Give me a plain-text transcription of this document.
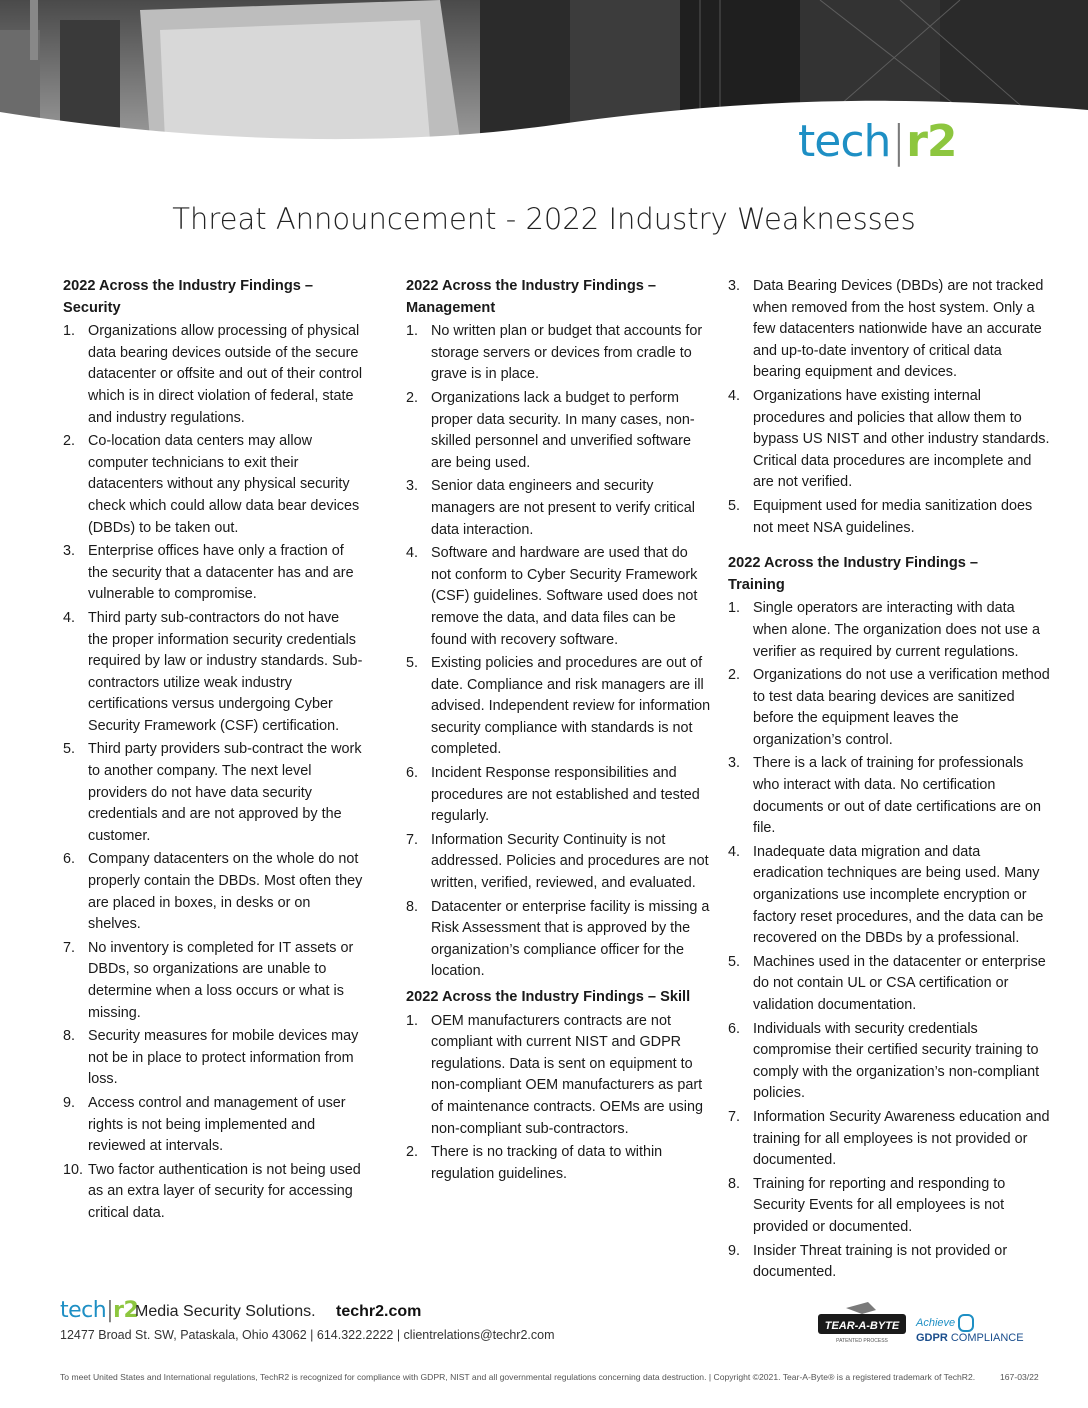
tech|r2
Threat Announcement - 2022 Industry Weaknesses
2022 Across the Industry Findings –
Security
1. Organizations allow processing of physical data bearing devices outside of the secure datacenter or offsite and out of their control which is in direct violation of federal, state and industry regulations.
2. Co-location data centers may allow computer technicians to exit their datacenters without any physical security check which could allow data bear devices (DBDs) to be taken out.
3. Enterprise offices have only a fraction of the security that a datacenter has and are vulnerable to compromise.
4. Third party sub-contractors do not have the proper information security credentials required by law or industry standards. Sub-contractors utilize weak industry certifications versus undergoing Cyber Security Framework (CSF) certification.
5. Third party providers sub-contract the work to another company. The next level providers do not have data security credentials and are not approved by the customer.
6. Company datacenters on the whole do not properly contain the DBDs. Most often they are placed in boxes, in desks or on shelves.
7. No inventory is completed for IT assets or DBDs, so organizations are unable to determine when a loss occurs or what is missing.
8. Security measures for mobile devices may not be in place to protect information from loss.
9. Access control and management of user rights is not being implemented and reviewed at intervals.
10. Two factor authentication is not being used as an extra layer of security for accessing critical data.
2022 Across the Industry Findings –
Management
1. No written plan or budget that accounts for storage servers or devices from cradle to grave is in place.
2. Organizations lack a budget to perform proper data security. In many cases, non-skilled personnel and unverified software are being used.
3. Senior data engineers and security managers are not present to verify critical data interaction.
4. Software and hardware are used that do not conform to Cyber Security Framework (CSF) guidelines. Software used does not remove the data, and data files can be found with recovery software.
5. Existing policies and procedures are out of date. Compliance and risk managers are ill advised. Independent review for information security compliance with standards is not completed.
6. Incident Response responsibilities and procedures are not established and tested regularly.
7. Information Security Continuity is not addressed. Policies and procedures are not written, verified, reviewed, and evaluated.
8. Datacenter or enterprise facility is missing a Risk Assessment that is approved by the organization’s compliance officer for the location.
2022 Across the Industry Findings – Skill
1. OEM manufacturers contracts are not compliant with current NIST and GDPR regulations. Data is sent on equipment to non-compliant OEM manufacturers as part of maintenance contracts. OEMs are using non-compliant sub-contractors.
2. There is no tracking of data to within regulation guidelines.
3. Data Bearing Devices (DBDs) are not tracked when removed from the host system. Only a few datacenters nationwide have an accurate and up-to-date inventory of critical data bearing equipment and devices.
4. Organizations have existing internal procedures and policies that allow them to bypass US NIST and other industry standards. Critical data procedures are incomplete and are not verified.
5. Equipment used for media sanitization does not meet NSA guidelines.
2022 Across the Industry Findings –
Training
1. Single operators are interacting with data when alone. The organization does not use a verifier as required by current regulations.
2. Organizations do not use a verification method to test data bearing devices are sanitized before the equipment leaves the organization’s control.
3. There is a lack of training for professionals who interact with data. No certification documents or out of date certifications are on file.
4. Inadequate data migration and data eradication techniques are being used. Many organizations use incomplete encryption or factory reset procedures, and the data can be recovered on the DBDs by a professional.
5. Machines used in the datacenter or enterprise do not contain UL or CSA certification or validation documentation.
6. Individuals with security credentials compromise their certified security training to comply with the organization’s non-compliant policies.
7. Information Security Awareness education and training for all employees is not provided or documented.
8. Training for reporting and responding to Security Events for all employees is not provided or documented.
9. Insider Threat training is not provided or documented.
tech|r2
Media Security Solutions. techr2.com
12477 Broad St. SW, Pataskala, Ohio 43062 | 614.322.2222 | clientrelations@techr2.com
TEAR-A-BYTE
PATENTED PROCESS
Achieve
GDPR COMPLIANCE
To meet United States and International regulations, TechR2 is recognized for compliance with GDPR, NIST and all governmental regulations concerning data destruction. | Copyright ©2021. Tear-A-Byte® is a registered trademark of TechR2.	167-03/22
